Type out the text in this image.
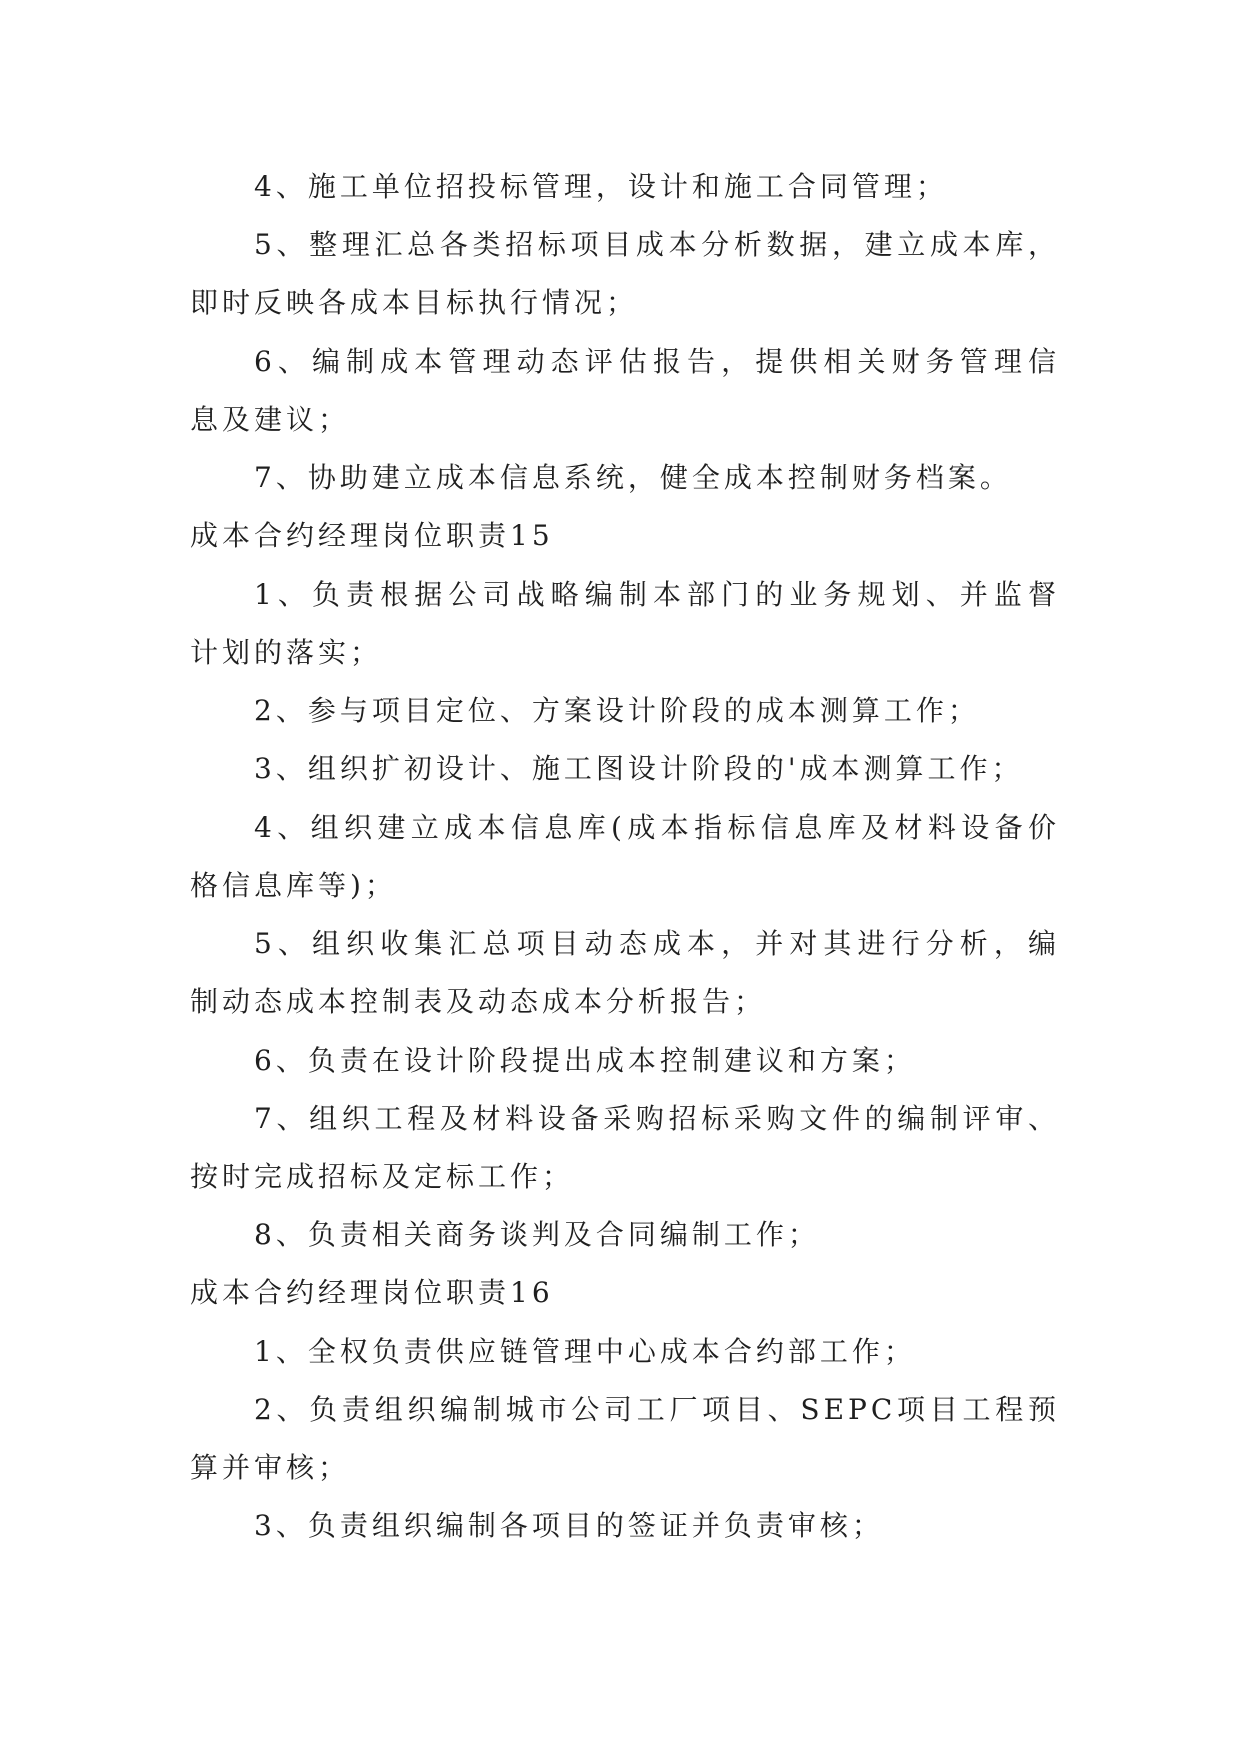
4、施工单位招投标管理，设计和施工合同管理；
5、整理汇总各类招标项目成本分析数据，建立成本库，
即时反映各成本目标执行情况；
6、编制成本管理动态评估报告，提供相关财务管理信
息及建议；
7、协助建立成本信息系统，健全成本控制财务档案。
成本合约经理岗位职责15
1、负责根据公司战略编制本部门的业务规划、并监督
计划的落实；
2、参与项目定位、方案设计阶段的成本测算工作；
3、组织扩初设计、施工图设计阶段的'成本测算工作；
4、组织建立成本信息库(成本指标信息库及材料设备价
格信息库等)；
5、组织收集汇总项目动态成本，并对其进行分析，编
制动态成本控制表及动态成本分析报告；
6、负责在设计阶段提出成本控制建议和方案；
7、组织工程及材料设备采购招标采购文件的编制评审、
按时完成招标及定标工作；
8、负责相关商务谈判及合同编制工作；
成本合约经理岗位职责16
1、全权负责供应链管理中心成本合约部工作；
2、负责组织编制城市公司工厂项目、SEPC项目工程预
算并审核；
3、负责组织编制各项目的签证并负责审核；
